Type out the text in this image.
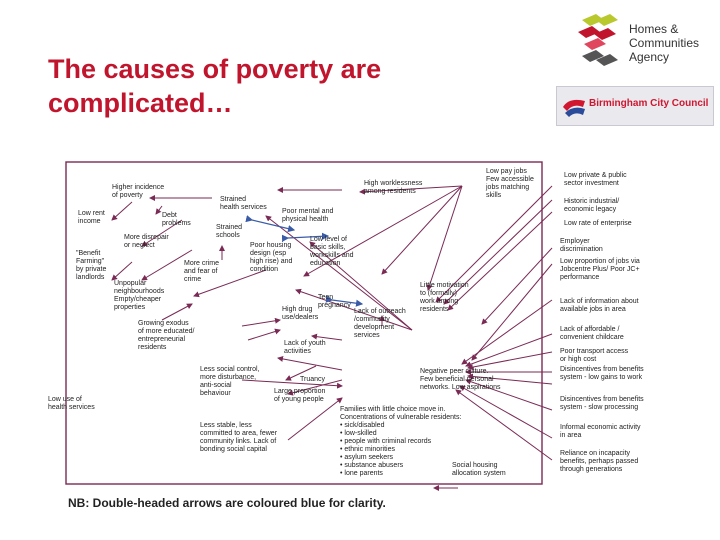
The causes of poverty are complicated…
Homes &
Communities
Agency
Birmingham City Council
Higher incidence
of poverty
Strained
health services
High worklessness
among residents
Low pay jobs
Few accessible
jobs matching
skills
Low private & public
sector investment
Low rent
income
Debt
problems
Poor mental and
physical health
Historic industrial/
economic legacy
Strained
schools
More disrepair
or neglect
Low rate of enterprise
Low level of
basic skills,
workskills and
education
"Benefit
Farming"
by private
landlords
Poor housing
design (esp
high rise) and
condition
Employer
discrimination
More crime
and fear of
crime
Low proportion of jobs via
Jobcentre Plus/ Poor JC+
performance
Unpopular
neighbourhoods
Empty/cheaper
properties
Teen
pregnancy
Little motivation
to (formally)
work among
residents
Lack of information about
available jobs in area
High drug
use/dealers
Lack of outreach
/community
development
services
Growing exodus
of more educated/
entrepreneurial
residents
Lack of affordable /
convenient childcare
Poor transport access
or high cost
Lack of youth
activities
Less social control,
more disturbance,
anti-social
behaviour
Negative peer culture.
Few beneficial personal
networks. Low aspirations
Disincentives from benefits
system - low gains to work
Truancy
Large proportion
of young people	Disincentives from benefits
system - slow processing
Low use of
health services	Families with little choice move in.
Concentrations of vulnerable residents:
• sick/disabled
• low-skilled
• people with criminal records
• ethnic minorities
• asylum seekers
• substance abusers
• lone parents
Informal economic activity
in area
Less stable, less
committed to area, fewer
community links. Lack of
bonding social capital
Social housing
allocation system
Reliance on incapacity
benefits, perhaps passed
through generations
NB: Double-headed arrows are coloured blue for clarity.
